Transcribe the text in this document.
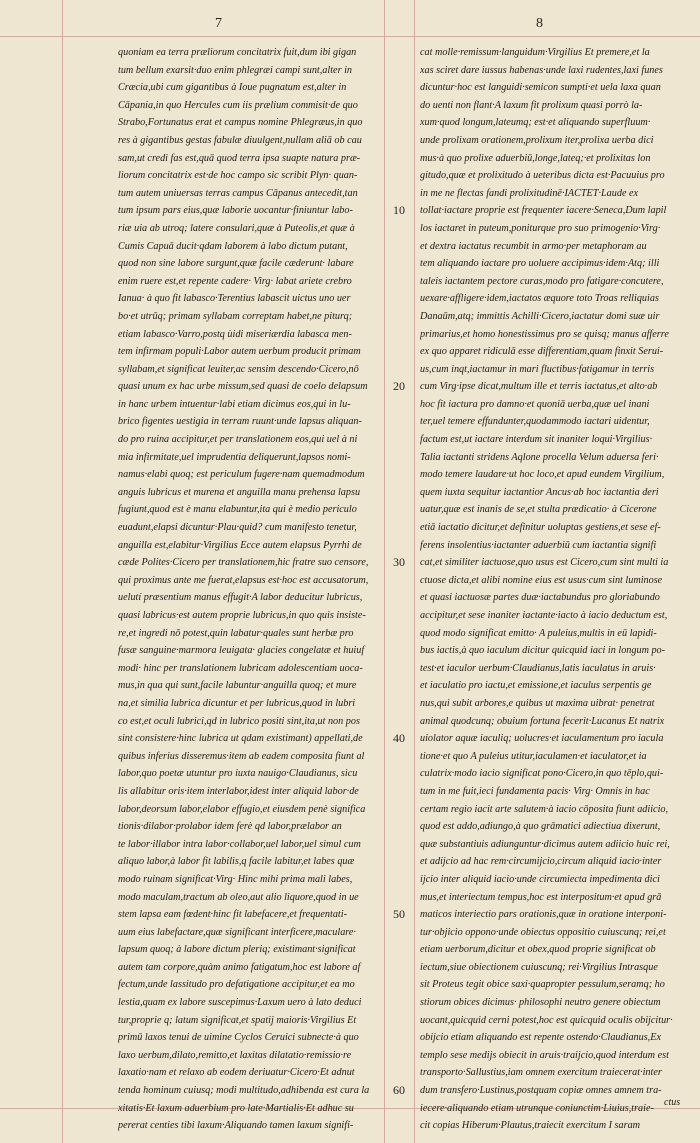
7	8
quoniam ea terra præliorum concitatrix fuit,dum ibi gigan
tum bellum exarsit·duo enim phlegræi campi sunt,alter in
Cræcia,ubi cum gigantibus à Ioue pugnatum est,alter in
Cāpania,in quo Hercules cum iis prælium commisit·de quo
Strabo,Fortunatus erat et campus nomine Phlegræus,in quo
res à gigantibus gestas fabulæ diuulgent,nullam aliā ob cau
sam,ut credi fas est,quā quod terra ipsa suapte natura præ-
liorum concitatrix est·de hoc campo sic scribit Plyn· quan-
tum autem uniuersas terras campus Cāpanus antecedit,tan
tum ipsum pars eius,quæ laborie uocantur·finiuntur labo-
riæ uia ab utroq; latere consulari,quæ à Puteolis,et quæ à
Cumis Capuā ducit·qdam laborem à labo dictum putant,
quod non sine labore surgunt,quæ facile cæderunt· labare
enim ruere est,et repente cadere· Virg· labat ariete crebro
Ianua· à quo fit labasco·Terentius labascit uictus uno uer
bo·et utrūq; primam syllabam correptam habet,ne piturq;
etiam labasco·Varro,postq ùidi miseriærdia labasca men-
tem infirmam populi·Labor autem uerbum producit primam
syllabam,et significat leuiter,ac sensim descendo·Cicero,nō
quasi unum ex hac urbe missum,sed quasi de coelo delapsum
in hanc urbem intuentur·labi etiam dicimus eos,qui in lu-
brico figentes uestigia in terram ruunt·unde lapsus aliquan-
do pro ruina accipitur,et per translationem eos,qui uel à ni
mia infirmitate,uel imprudentia deliquerunt,lapsos nomi-
namus·elabi quoq; est periculum fugere·nam quemadmodum
anguis lubricus et murena et anguilla manu prehensa lapsu
fugiunt,quod est è manu elabuntur,ita qui è medio periculo
euadunt,elapsi dicuntur·Plau·quid? cum manifesto tenetur,
anguilla est,elabitur·Virgilius Ecce autem elapsus Pyrrhi de
cæde Polites·Cicero per translationem,hic fratre suo censore,
qui proximus ante me fuerat,elapsus est·hoc est accusatorum,
uelutí præsentium manus effugit·A labor deducitur lubricus,
quasi labricus·est autem proprie lubricus,in quo quis insiste-
re,et ingredi nō potest,quin labatur·quales sunt herbæ pro
fusæ sanguine·marmora leuigata· glacies congelatæ et huiuf
modi· hinc per translationem lubricam adolescentiam uoca-
mus,in qua qui sunt,facile labuntur·anguilla quoq; et mure
na,et similia lubrica dicuntur et per lubricus,quod in lubri
co est,et oculi lubrici,qd in lubrico positi sint,ita,ut non pos
sint consistere·hinc lubrica ut qdam existimant) appellati,de
quibus inferius disseremus·item ab eadem composita fiunt al
labor,quo poetæ utuntur pro iuxta nauigo·Claudianus, sicu
lis allabitur oris·item interlabor,idest inter aliquid labor·de
labor,deorsum labor,elabor effugio,et eiusdem penè significa
tionis·dilabor·prolabor idem ferè qd labor,prælabor an
te labor·illabor intra labor·collabor,uel labor,uel simul cum
aliquo labor,à labor fit labilis,q facile labitur,et labes quæ
modo ruinam significat·Virg· Hinc mihi prima mali labes,
modo maculam,tractum ab oleo,aut alio liquore,quod in ue
stem lapsa eam fœdent·hinc fit labefacere,et frequentati-
uum eius labefactare,quæ significant interficere,maculare·
lapsum quoq; à labore dictum pleriq; existimant·significat
autem tam corpore,quàm animo fatigatum,hoc est labore af
fectum,unde lassitudo pro defatigatione accipitur,et ea mo
lestia,quam ex labore suscepimus·Laxum uero à lato deduci
tur,proprie q; latum significat,et spatij maioris·Virgilius Et
primū laxos tenui de uimine Cyclos Ceruici subnecte·à quo
laxo uerbum,dilato,remitto,et laxitas dilatatio·remissio·re
laxatio·nam et relaxo ab eodem deriuatur·Cicero·Et adnut
tenda hominum cuiusq; modi multitudo,adhibenda est cura la
xitatis·Et laxum aduerbium pro late·Martialis·Et adhuc su
pererat centies tibi laxum·Aliquando tamen laxum signifi-
10
20
30
40
50
60
cat molle·remissum·languidum·Virgilius Et premere,et la
xas sciret dare iussus habenas·unde laxi rudentes,laxi funes
dicuntur·hoc est languidi·semicon sumpti·et uela laxa quan
do uenti non flant·A laxum fit prolixum quasi porrò la-
xum·quod longum,lateumq; est·et aliquando superfluum·
unde prolixam orationem,prolixum iter,prolixa uerba dici
mus·à quo prolixe aduerbiū,longe,lateq;·et prolixitas lon
gitudo,quæ et prolixitudo à ueteribus dicta est·Pacuuius pro
in me ne flectas fandi prolixitudinē·IACTET·Laude ex
tollat·iactare proprie est frequenter iacere·Seneca,Dum lapil
los iactaret in puteum,poniturque pro suo primogenio·Virg·
et dextra iactatus recumbit in armo·per metaphoram au
tem aliquando iactare pro uoluere accipimus·idem·Atq; illi
taleis iactantem pectore curas,modo pro fatigare·concutere,
uexare·affligere·idem,iactatos æquore toto Troas relliquias
Danaūm,atq; immittis Achilli·Cicero,iactatur domi suæ uir
primarius,et homo honestissimus pro se quisq; manus afferre
ex quo apparet ridiculā esse differentiam,quam finxit Serui-
us,cum inqt,iactamur in mari fluctibus·fatigamur in terris
cum Virg·ipse dicat,multum ille et terris iactatus,et alto·ab
hoc fit iactura pro damno·et quoniā uerba,quæ uel inani
ter,uel temere effundunter,quodammodo iactari uidentur,
factum est,ut iactare interdum sit inaniter loqui·Virgilius·
Talia iactanti stridens Aqlone procella Velum aduersa feri·
modo temere laudare·ut hoc loco,et apud eundem Virgilium,
quem iuxta sequitur iactantior Ancus·ab hoc iactantia deri
uatur,quæ est inanis de se,et stulta prædicatio· à Cicerone
etiā iactatio dicitur,et definitur uoluptas gestiens,et sese ef-
ferens insolentius·iactanter aduerbiū cum iactantia signifi
cat,et similiter iactuose,quo usus est Cicero,cum sint multi ia
ctuose dicta,et alibi nomine eius est usus·cum sint luminose
et quasi iactuosæ partes duæ·iactabundus pro gloriabundo
accipitur,et sese inaniter iactante·iacto à iacio deductum est,
quod modo significat emitto· A puleius,multis in eū lapidi-
bus iactis,à quo iaculum dicitur quicquid iaci in longum po-
test·et iaculor uerbum·Claudianus,latis iaculatus in aruis·
et iaculatio pro iactu,et emissione,et iaculus serpentis ge
nus,qui subit arbores,e quibus ut maxima uibrat· penetrat
animal quodcunq; obuium fortuna fecerit·Lucanus Et natrix
uiolator aquæ iaculiq; uolucres·et iaculamentum pro iacula
tione·et quo A puleius utitur,iaculamen·et iaculator,et ia
culatrix·modo iacio significat pono·Cicero,in quo tēplo,qui-
tum in me fuit,ieci fundamenta pacis· Virg· Omnis in hac
certam regio iacit arte salutem·à iacio cōposita fiunt adiicio,
quod est addo,adiungo,à quo grāmatici adiectiua dixerunt,
quæ substantiuis adiunguntur·dicimus autem adiicio huic rei,
et adijcio ad hac rem·circumijcio,circum aliquid iacio·inter
ijcio inter aliquid iacio·unde circumiecta impedimenta dici
mus,et interiectum tempus,hoc est interpositum·et apud grā
maticos interiectio pars orationis,quæ in oratione interponi-
tur·objicio oppono·unde obiectus oppositio cuiuscunq; rei,et
etiam uerborum,dicitur et obex,quod proprie significat ob
iectum,siue obiectionem cuiuscunq; rei·Virgilius Intrasque
sit Proteus tegit obice saxi·quapropter pessulum,seramq; ho
stiorum obices dicimus· philosophi neutro genere obiectum
uocant,quicquid cerni potest,hoc est quicquid oculis obijcitur·
obijcio etiam aliquando est repente ostendo·Claudianus,Ex
templo sese medijs obiecit in aruis·traijcio,quod interdum est
transporto·Sallustius,iam omnem exercitum traiecerat·inter
dum transfero·Lustinus,postquam copiæ omnes amnem tra-
iecere·aliquando etiam utrunque coniunctim·Liuius,traie-
cit copias Hiberum·Plautus,traiecit exercitum I saram
ctus
